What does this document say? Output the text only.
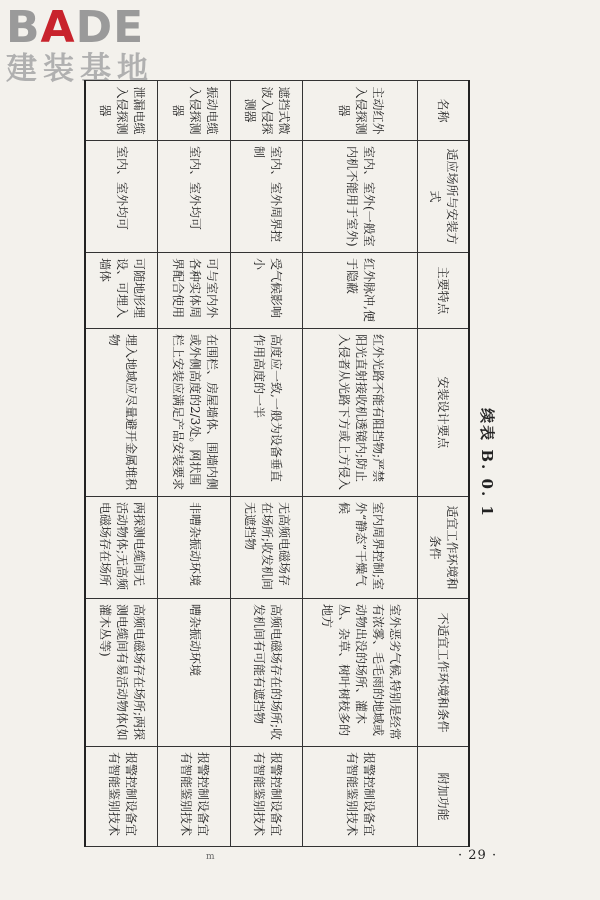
BADE
建装基地
续表 B. 0. 1
名称	适应场所与安装方式	主要特点	安装设计要点	适宜工作环境和条件	不适宜工作环境和条件	附加功能
主动红外入侵探测器	室内、室外(一般室内机不能用于室外)	红外脉冲,便于隐蔽	红外光路不能有阻挡物;严禁阳光直射接收机透镜内;防止入侵者从光路下方或上方侵入	室内周界控制;室外“静态”干燥气候	室外恶劣气候,特别是经常有浓雾、毛毛雨的地域或动物出没的场所、灌木丛、杂草、树叶树枝多的地方	报警控制设备宜有智能鉴别技术
遮挡式微波入侵探测器	室内、室外周界控制	受气候影响小	高度应一致,一般为设备垂直作用高度的一半	无高频电磁场存在场所;收发机间无遮挡物	高频电磁场存在的场所;收发机间有可能有遮挡物	报警控制设备宜有智能鉴别技术
振动电缆入侵探测器	室内、室外均可	可与室内外各种实体周界配合使用	在围栏、房屋墙体、围墙内侧或外侧高度的2/3处。网状围栏上安装应满足产品安装要求	非嘈杂振动环境	嘈杂振动环境	报警控制设备宜有智能鉴别技术
泄漏电缆入侵探测器	室内、室外均可	可随地形埋设、可埋入墙体	埋入地域应尽量避开金属堆积物	两探测电缆间无活动物体;无高频电磁场存在场所	高频电磁场存在场所;两探测电缆间有易活动物体(如灌木丛等)	报警控制设备宜有智能鉴别技术
m	· 29 ·
